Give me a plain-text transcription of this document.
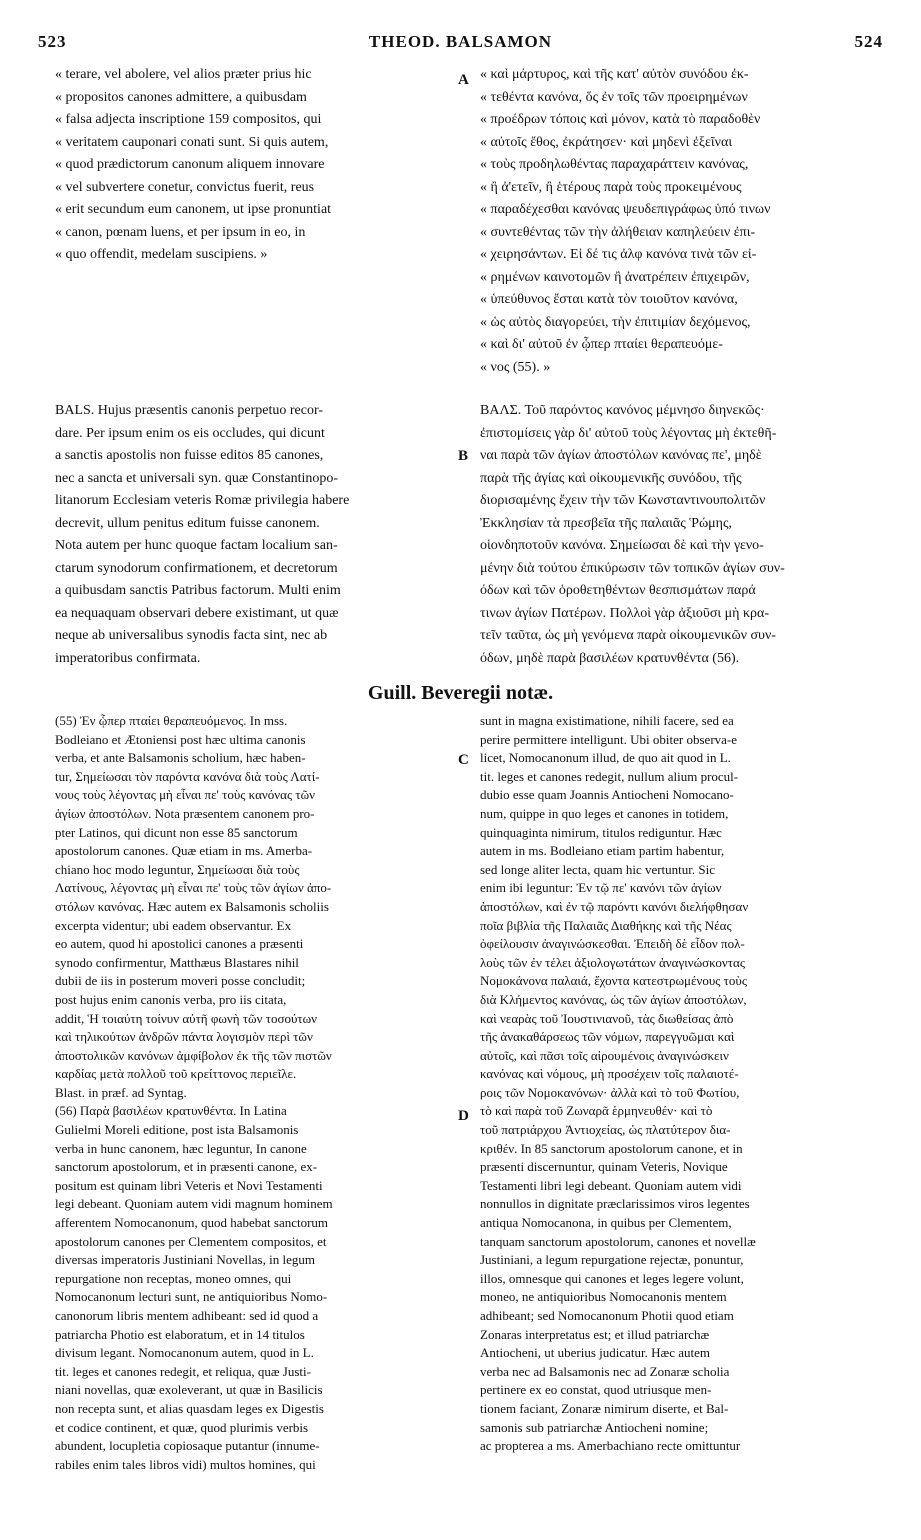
523	THEOD. BALSAMON	524
A
B
C
D
« terare, vel abolere, vel alios præter prius hic
« propositos canones admittere, a quibusdam
« falsa adjecta inscriptione 159 compositos, qui
« veritatem cauponari conati sunt. Si quis autem,
« quod prædictorum canonum aliquem innovare
« vel subvertere conetur, convictus fuerit, reus
« erit secundum eum canonem, ut ipse pronuntiat
« canon, pœnam luens, et per ipsum in eo, in
« quo offendit, medelam suscipiens. »
« καὶ μάρτυρος, καὶ τῆς κατ' αὐτὸν συνόδου ἐκ-
« τεθέντα κανόνα, ὅς ἐν τοῖς τῶν προειρημένων
« προέδρων τόποις καὶ μόνον, κατὰ τὸ παραδοθὲν
« αὐτοῖς ἔθος, ἐκράτησεν· καὶ μηδενὶ ἐξεῖναι
« τοὺς προδηλωθέντας παραχαράττειν κανόνας,
« ἢ ἀ'ετεῖν, ἢ ἑτέρους παρὰ τοὺς προκειμένους
« παραδέχεσθαι κανόνας ψευδεπιγράφως ὑπό τινων
« συντεθέντας τῶν τὴν ἀλήθειαν καπηλεύειν ἐπι-
« χειρησάντων. Εἰ δέ τις ἀλφ κανόνα τινὰ τῶν εἰ-
« ρημένων καινοτομῶν ἢ ἀνατρέπειν ἐπιχειρῶν,
« ὑπεύθυνος ἔσται κατὰ τὸν τοιοῦτον κανόνα,
« ὡς αὐτὸς διαγορεύει, τὴν ἐπιτιμίαν δεχόμενος,
« καὶ δι' αὐτοῦ ἐν ᾧπερ πταίει θεραπευόμε-
« νος (55). »
BALS. Hujus præsentis canonis perpetuo recor-
dare. Per ipsum enim os eis occludes, qui dicunt
a sanctis apostolis non fuisse editos 85 canones,
nec a sancta et universali syn. quæ Constantinopo-
litanorum Ecclesiam veteris Romæ privilegia habere
decrevit, ullum penitus editum fuisse canonem.
Nota autem per hunc quoque factam localium san-
ctarum synodorum confirmationem, et decretorum
a quibusdam sanctis Patribus factorum. Multi enim
ea nequaquam observari debere existimant, ut quæ
neque ab universalibus synodis facta sint, nec ab
imperatoribus confirmata.
ΒΑΛΣ. Τοῦ παρόντος κανόνος μέμνησο διηνεκῶς·
ἐπιστομίσεις γὰρ δι' αὐτοῦ τοὺς λέγοντας μὴ ἐκτεθῆ-
ναι παρὰ τῶν ἁγίων ἀποστόλων κανόνας πε', μηδὲ
παρὰ τῆς ἁγίας καὶ οἰκουμενικῆς συνόδου, τῆς
διορισαμένης ἔχειν τὴν τῶν Κωνσταντινουπολιτῶν
Ἐκκλησίαν τὰ πρεσβεῖα τῆς παλαιᾶς Ῥώμης,
οἱονδηποτοῦν κανόνα. Σημείωσαι δὲ καὶ τὴν γενο-
μένην διὰ τούτου ἐπικύρωσιν τῶν τοπικῶν ἁγίων συν-
όδων καὶ τῶν ὁροθετηθέντων θεσπισμάτων παρά
τινων ἁγίων Πατέρων. Πολλοὶ γὰρ ἀξιοῦσι μὴ κρα-
τεῖν ταῦτα, ὡς μὴ γενόμενα παρὰ οἰκουμενικῶν συν-
όδων, μηδὲ παρὰ βασιλέων κρατυνθέντα (56).
Guill. Beveregii notæ.
(55) Ἐν ᾧπερ πταίει θεραπευόμενος. In mss.
Bodleiano et Ætoniensi post hæc ultima canonis
verba, et ante Balsamonis scholium, hæc haben-
tur, Σημείωσαι τὸν παρόντα κανόνα διὰ τοὺς Λατί-
νους τοὺς λέγοντας μὴ εἶναι πε' τοὺς κανόνας τῶν
ἁγίων ἀποστόλων. Nota præsentem canonem pro-
pter Latinos, qui dicunt non esse 85 sanctorum
apostolorum canones. Quæ etiam in ms. Amerba-
chiano hoc modo leguntur, Σημείωσαι διὰ τοὺς
Λατίνους, λέγοντας μὴ εἶναι πε' τοὺς τῶν ἁγίων ἀπο-
στόλων κανόνας. Hæc autem ex Balsamonis scholiis
excerpta videntur; ubi eadem observantur. Ex
eo autem, quod hi apostolici canones a præsenti
synodo confirmentur, Matthæus Blastares nihil
dubii de iis in posterum moveri posse concludit;
post hujus enim canonis verba, pro iis citata,
addit, Ἡ τοιαύτη τοίνυν αὐτῆ φωνὴ τῶν τοσούτων
καὶ τηλικούτων ἀνδρῶν πάντα λογισμὸν περὶ τῶν
ἀποστολικῶν κανόνων ἀμφίβολον ἐκ τῆς τῶν πιστῶν
καρδίας μετὰ πολλοῦ τοῦ κρείττονος περιεῖλε.
Blast. in præf. ad Syntag.
(56) Παρὰ βασιλέων κρατυνθέντα. In Latina
Gulielmi Moreli editione, post ista Balsamonis
verba in hunc canonem, hæc leguntur, In canone
sanctorum apostolorum, et in præsenti canone, ex-
positum est quinam libri Veteris et Novi Testamenti
legi debeant. Quoniam autem vidi magnum hominem
afferentem Nomocanonum, quod habebat sanctorum
apostolorum canones per Clementem compositos, et
diversas imperatoris Justiniani Novellas, in legum
repurgatione non receptas, moneo omnes, qui
Nomocanonum lecturi sunt, ne antiquioribus Nomo-
canonorum libris mentem adhibeant: sed id quod a
patriarcha Photio est elaboratum, et in 14 titulos
divisum legant. Nomocanonum autem, quod in L.
tit. leges et canones redegit, et reliqua, quæ Justi-
niani novellas, quæ exoleverant, ut quæ in Basilicis
non recepta sunt, et alias quasdam leges ex Digestis
et codice continent, et quæ, quod plurimis verbis
abundent, locupletia copiosaque putantur (innume-
rabiles enim tales libros vidi) multos homines, qui
sunt in magna existimatione, nihili facere, sed ea
perire permittere intelligunt. Ubi obiter observa-e
licet, Nomocanonum illud, de quo ait quod in L.
tit. leges et canones redegit, nullum alium procul-
dubio esse quam Joannis Antiocheni Nomocano-
num, quippe in quo leges et canones in totidem,
quinquaginta nimirum, titulos rediguntur. Hæc
autem in ms. Bodleiano etiam partim habentur,
sed longe aliter lecta, quam hic vertuntur. Sic
enim ibi leguntur: Ἐν τῷ πε' κανόνι τῶν ἁγίων
ἀποστόλων, καὶ ἐν τῷ παρόντι κανόνι διελήφθησαν
ποῖα βιβλία τῆς Παλαιᾶς Διαθήκης καὶ τῆς Νέας
ὀφείλουσιν ἀναγινώσκεσθαι. Ἐπειδὴ δὲ εἶδον πολ-
λοὺς τῶν ἐν τέλει ἀξιολογωτάτων ἀναγινώσκοντας
Νομοκάνονα παλαιά, ἔχοντα κατεστρωμένους τοὺς
διὰ Κλήμεντος κανόνας, ὡς τῶν ἁγίων ἀποστόλων,
καὶ νεαρὰς τοῦ Ἰουστινιανοῦ, τὰς διωθείσας ἀπὸ
τῆς ἀνακαθάρσεως τῶν νόμων, παρεγγυῶμαι καὶ
αὐτοῖς, καὶ πᾶσι τοῖς αἱρουμένοις ἀναγινώσκειν
κανόνας καὶ νόμους, μὴ προσέχειν τοῖς παλαιοτέ-
ροις τῶν Νομοκανόνων· ἀλλὰ καὶ τὸ τοῦ Φωτίου,
τὸ καὶ παρὰ τοῦ Ζωναρᾶ ἑρμηνευθέν· καὶ τὸ
τοῦ πατριάρχου Ἀντιοχείας, ὡς πλατύτερον δια-
κριθέν. In 85 sanctorum apostolorum canone, et in
præsenti discernuntur, quinam Veteris, Novique
Testamenti libri legi debeant. Quoniam autem vidi
nonnullos in dignitate præclarissimos viros legentes
antiqua Nomocanona, in quibus per Clementem,
tanquam sanctorum apostolorum, canones et novellæ
Justiniani, a legum repurgatione rejectæ, ponuntur,
illos, omnesque qui canones et leges legere volunt,
moneo, ne antiquioribus Nomocanonis mentem
adhibeant; sed Nomocanonum Photii quod etiam
Zonaras interpretatus est; et illud patriarchæ
Antiocheni, ut uberius judicatur. Hæc autem
verba nec ad Balsamonis nec ad Zonaræ scholia
pertinere ex eo constat, quod utriusque men-
tionem faciant, Zonaræ nimirum diserte, et Bal-
samonis sub patriarchæ Antiocheni nomine;
ac propterea a ms. Amerbachiano recte omittuntur
